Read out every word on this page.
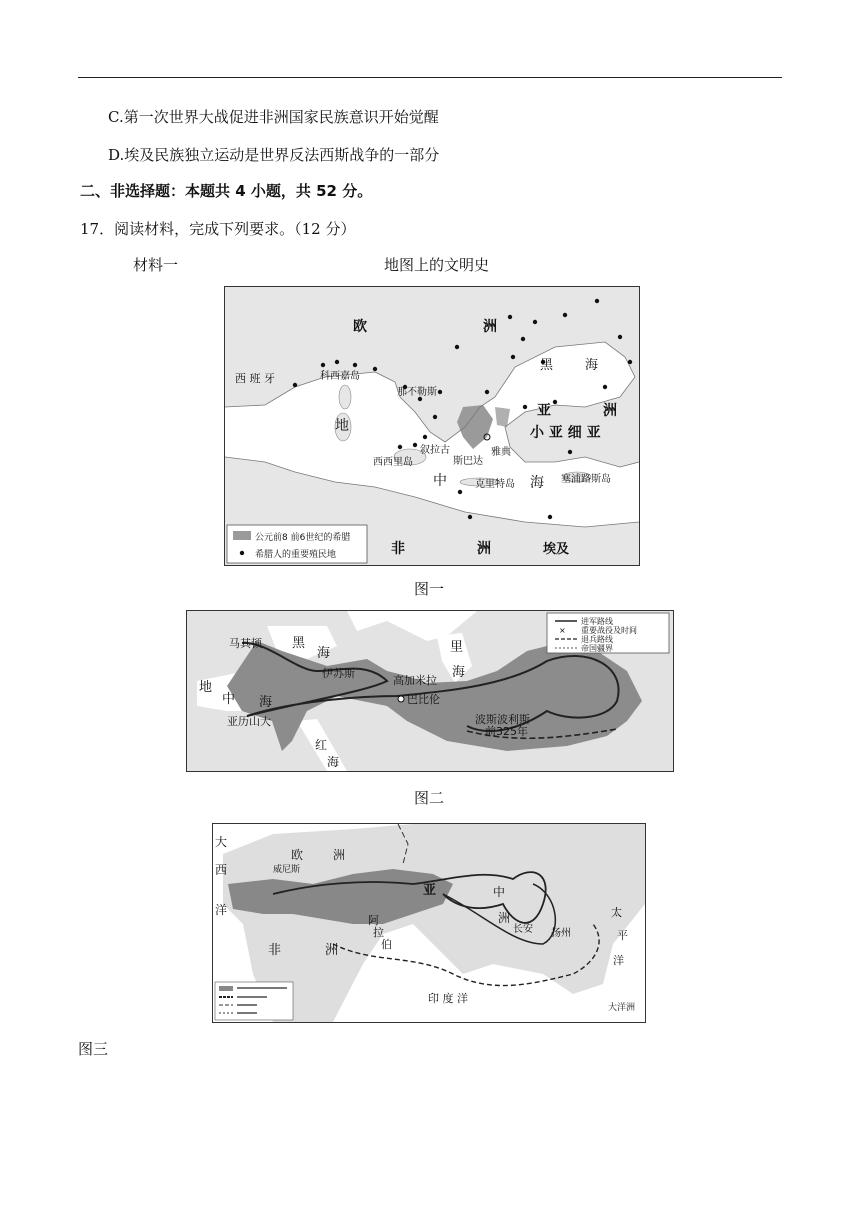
C.第一次世界大战促进非洲国家民族意识开始觉醒
D.埃及民族独立运动是世界反法西斯战争的一部分
二、非选择题：本题共 4 小题，共 52 分。
17．阅读材料，完成下列要求。（12 分）
材料一	地图上的文明史
欧	洲
西 班 牙	科西嘉岛
那不勒斯
黑 海
亚	洲
小 亚 细 亚
地
中	海
叙拉古
西西里岛	斯巴达
雅典
克里特岛	塞浦路斯岛
非	洲	埃及
公元前8 前6世纪的希腊
希腊人的重要殖民地
图一
马其顿 黑
海	里
海
地
中 海
伊苏斯
高加米拉
巴比伦
亚历山大	波斯波利斯
前325年
红
海
进军路线
× 重要战役及时间
退兵路线
帝国疆界
图二
大
西
洋
欧 洲
威尼斯
非	洲
阿
拉
伯
亚	中
洲
长安 扬州
太
平
洋
印 度 洋
大洋洲
图三
